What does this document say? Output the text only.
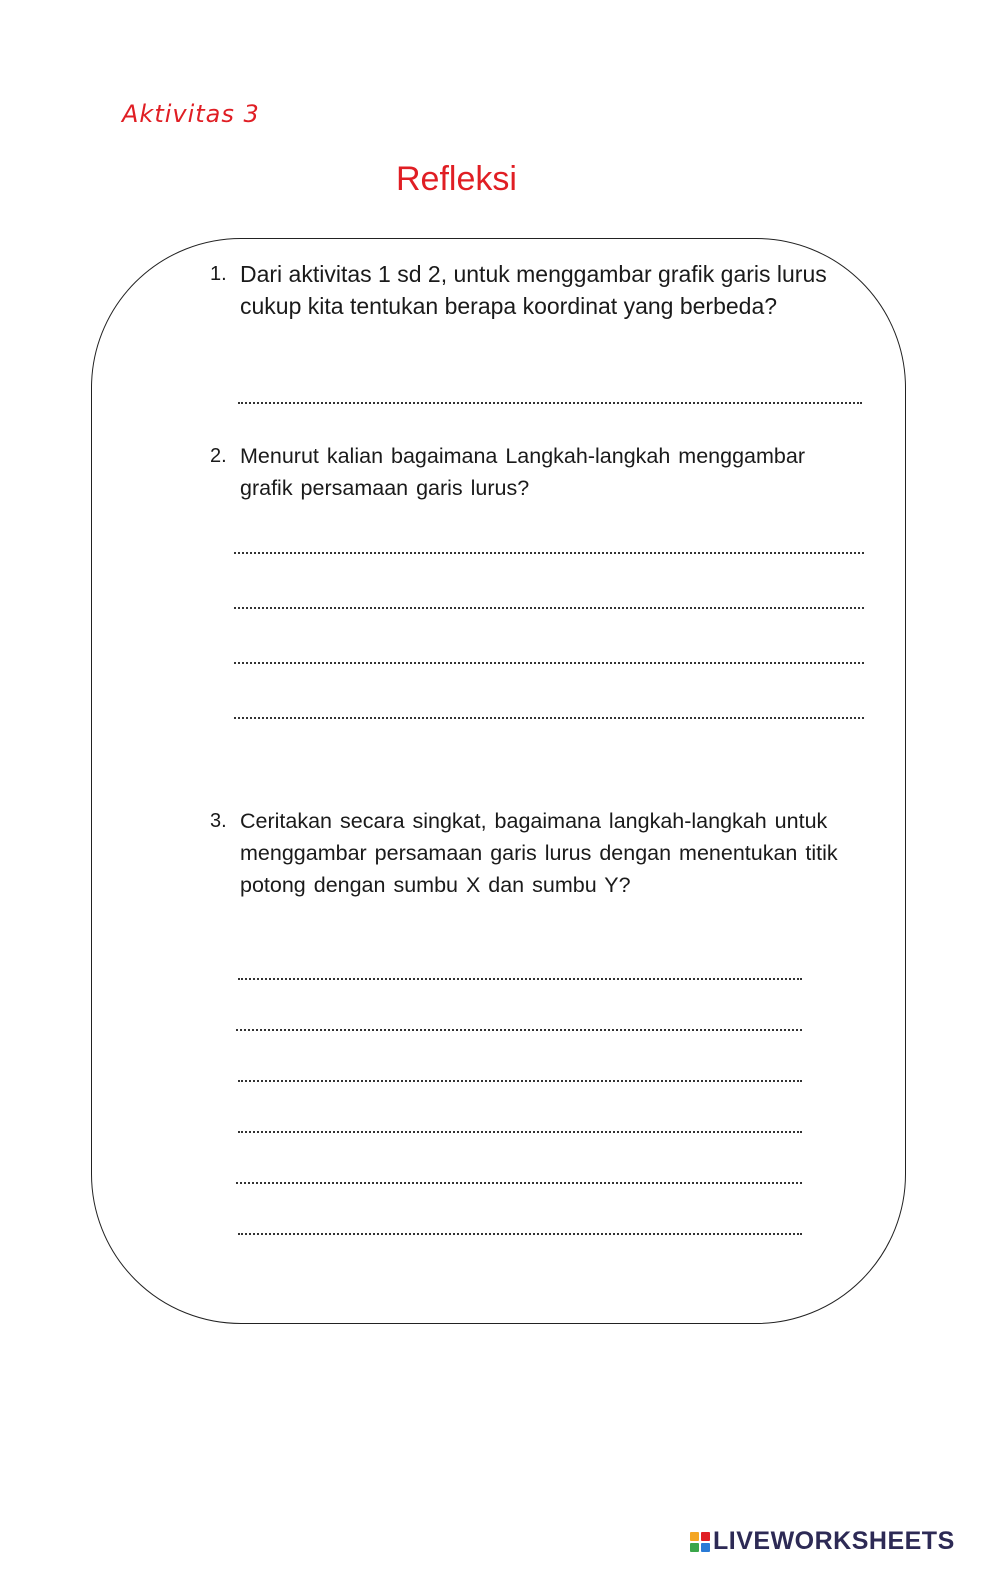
Aktivitas 3
Refleksi
1. Dari aktivitas 1 sd 2, untuk menggambar grafik garis lurus cukup kita tentukan berapa koordinat yang berbeda?
2. Menurut kalian bagaimana Langkah-langkah menggambar grafik persamaan garis lurus?
3. Ceritakan secara singkat, bagaimana langkah-langkah untuk menggambar persamaan garis lurus dengan menentukan titik potong dengan sumbu X dan sumbu Y?
LIVEWORKSHEETS
